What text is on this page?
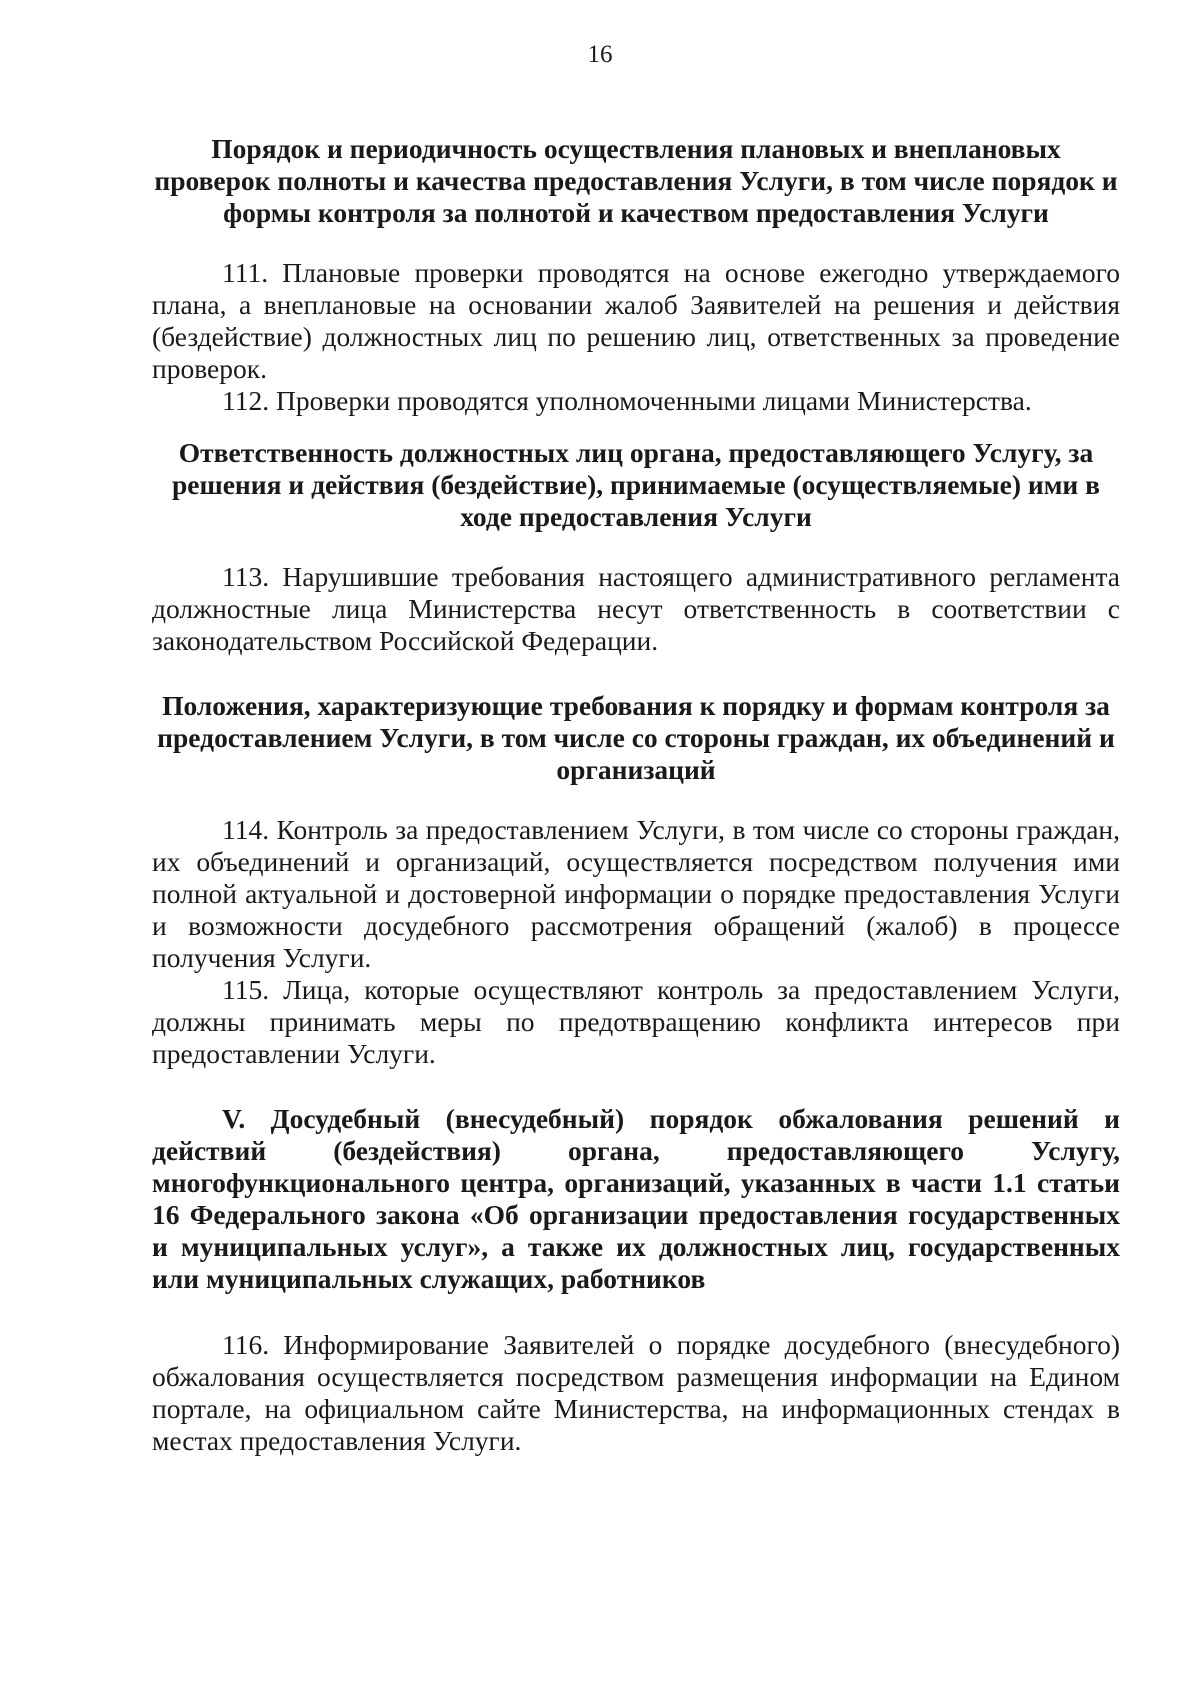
16

Порядок и периодичность осуществления плановых и внеплановых проверок полноты и качества предоставления Услуги, в том числе порядок и формы контроля за полнотой и качеством предоставления Услуги

111. Плановые проверки проводятся на основе ежегодно утверждаемого плана, а внеплановые на основании жалоб Заявителей на решения и действия (бездействие) должностных лиц по решению лиц, ответственных за проведение проверок.

112. Проверки проводятся уполномоченными лицами Министерства.

Ответственность должностных лиц органа, предоставляющего Услугу, за решения и действия (бездействие), принимаемые (осуществляемые) ими в ходе предоставления Услуги

113. Нарушившие требования настоящего административного регламента должностные лица Министерства несут ответственность в соответствии с законодательством Российской Федерации.

Положения, характеризующие требования к порядку и формам контроля за предоставлением Услуги, в том числе со стороны граждан, их объединений и организаций

114. Контроль за предоставлением Услуги, в том числе со стороны граждан, их объединений и организаций, осуществляется посредством получения ими полной актуальной и достоверной информации о порядке предоставления Услуги и возможности досудебного рассмотрения обращений (жалоб) в процессе получения Услуги.

115. Лица, которые осуществляют контроль за предоставлением Услуги, должны принимать меры по предотвращению конфликта интересов при предоставлении Услуги.

V. Досудебный (внесудебный) порядок обжалования решений и действий (бездействия) органа, предоставляющего Услугу, многофункционального центра, организаций, указанных в части 1.1 статьи 16 Федерального закона «Об организации предоставления государственных и муниципальных услуг», а также их должностных лиц, государственных или муниципальных служащих, работников

116. Информирование Заявителей о порядке досудебного (внесудебного) обжалования осуществляется посредством размещения информации на Едином портале, на официальном сайте Министерства, на информационных стендах в местах предоставления Услуги.
